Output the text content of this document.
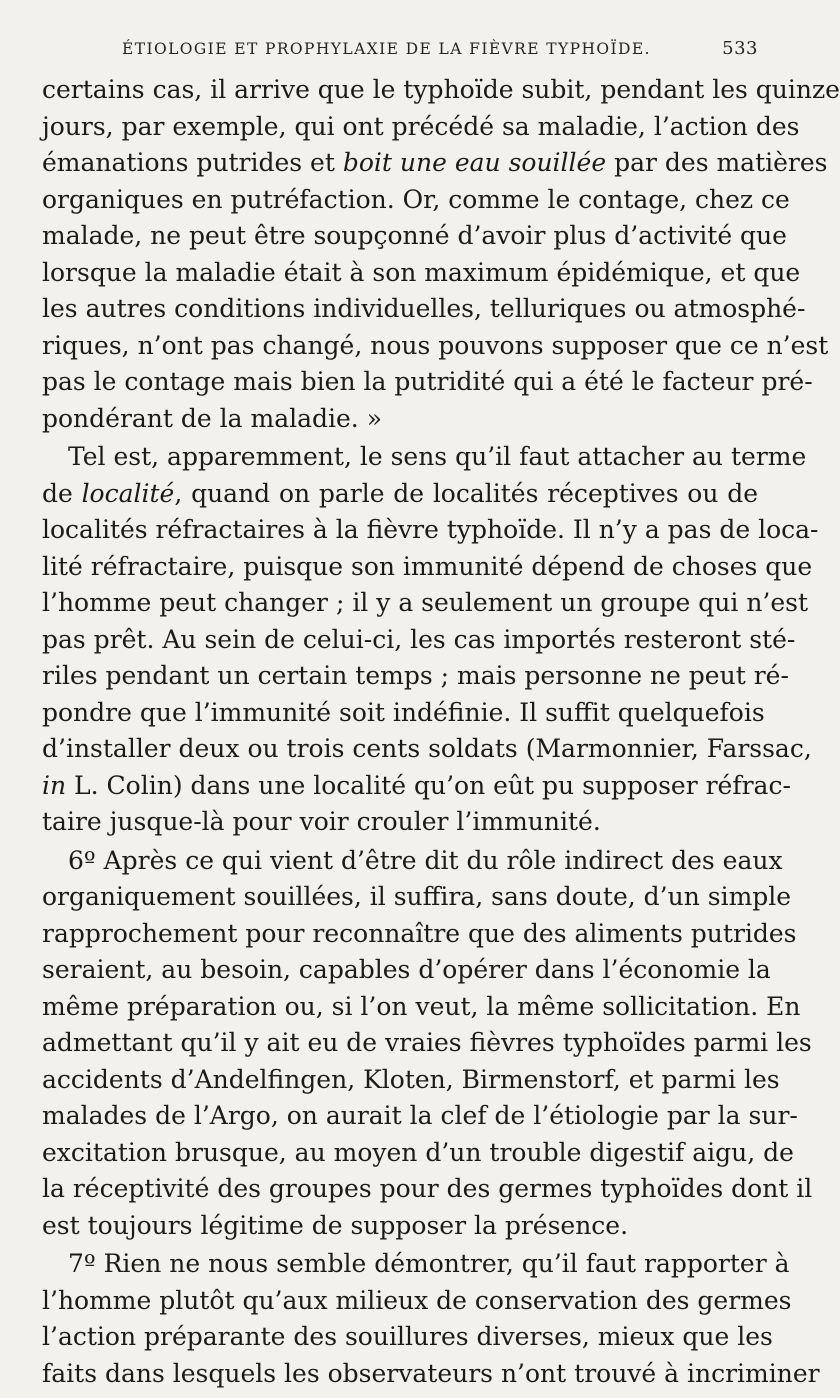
ÉTIOLOGIE ET PROPHYLAXIE DE LA FIÈVRE TYPHOÏDE.	533
certains cas, il arrive que le typhoïde subit, pendant les quinze
jours, par exemple, qui ont précédé sa maladie, l’action des
émanations putrides et boit une eau souillée par des matières
organiques en putréfaction. Or, comme le contage, chez ce
malade, ne peut être soupçonné d’avoir plus d’activité que
lorsque la maladie était à son maximum épidémique, et que
les autres conditions individuelles, telluriques ou atmosphé-
riques, n’ont pas changé, nous pouvons supposer que ce n’est
pas le contage mais bien la putridité qui a été le facteur pré-
pondérant de la maladie. »
Tel est, apparemment, le sens qu’il faut attacher au terme
de localité, quand on parle de localités réceptives ou de
localités réfractaires à la fièvre typhoïde. Il n’y a pas de loca-
lité réfractaire, puisque son immunité dépend de choses que
l’homme peut changer ; il y a seulement un groupe qui n’est
pas prêt. Au sein de celui-ci, les cas importés resteront sté-
riles pendant un certain temps ; mais personne ne peut ré-
pondre que l’immunité soit indéfinie. Il suffit quelquefois
d’installer deux ou trois cents soldats (Marmonnier, Farssac,
in L. Colin) dans une localité qu’on eût pu supposer réfrac-
taire jusque-là pour voir crouler l’immunité.
6º Après ce qui vient d’être dit du rôle indirect des eaux
organiquement souillées, il suffira, sans doute, d’un simple
rapprochement pour reconnaître que des aliments putrides
seraient, au besoin, capables d’opérer dans l’économie la
même préparation ou, si l’on veut, la même sollicitation. En
admettant qu’il y ait eu de vraies fièvres typhoïdes parmi les
accidents d’Andelfingen, Kloten, Birmenstorf, et parmi les
malades de l’Argo, on aurait la clef de l’étiologie par la sur-
excitation brusque, au moyen d’un trouble digestif aigu, de
la réceptivité des groupes pour des germes typhoïdes dont il
est toujours légitime de supposer la présence.
7º Rien ne nous semble démontrer, qu’il faut rapporter à
l’homme plutôt qu’aux milieux de conservation des germes
l’action préparante des souillures diverses, mieux que les
faits dans lesquels les observateurs n’ont trouvé à incriminer
